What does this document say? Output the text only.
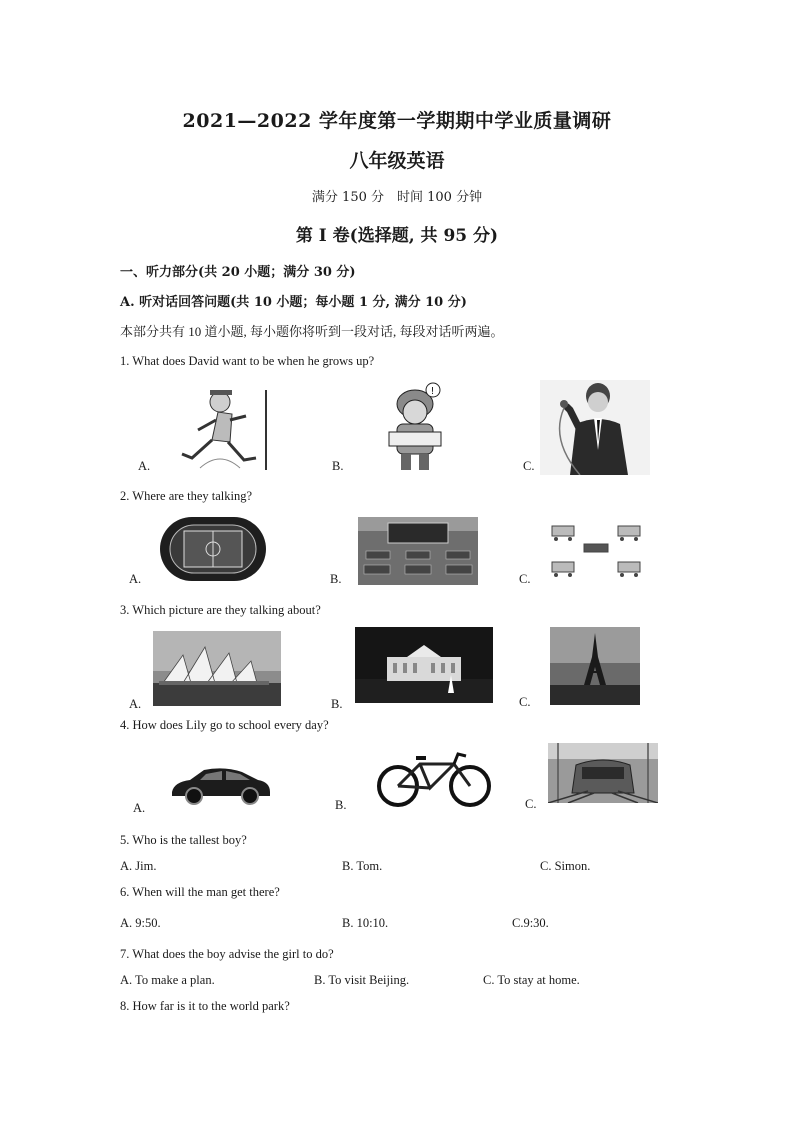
2021—2022 学年度第一学期期中学业质量调研
八年级英语
满分 150 分　时间 100 分钟
第 I 卷(选择题, 共 95 分)
一、听力部分(共 20 小题；满分 30 分)
A. 听对话回答问题(共 10 小题；每小题 1 分, 满分 10 分)
本部分共有 10 道小题, 每小题你将听到一段对话, 每段对话听两遍。
1. What does David want to be when he grows up?
A.
!
B.	C.
2. Where are they talking?
A.	B.	C.
3. Which picture are they talking about?
A.	B.	C.
4. How does Lily go to school every day?
A.	B.	C.
5. Who is the tallest boy?
A. Jim.	B. Tom.	C. Simon.
6. When will the man get there?
A. 9:50.	B. 10:10.	C.9:30.
7. What does the boy advise the girl to do?
A. To make a plan.	B. To visit Beijing.	C. To stay at home.
8. How far is it to the world park?
